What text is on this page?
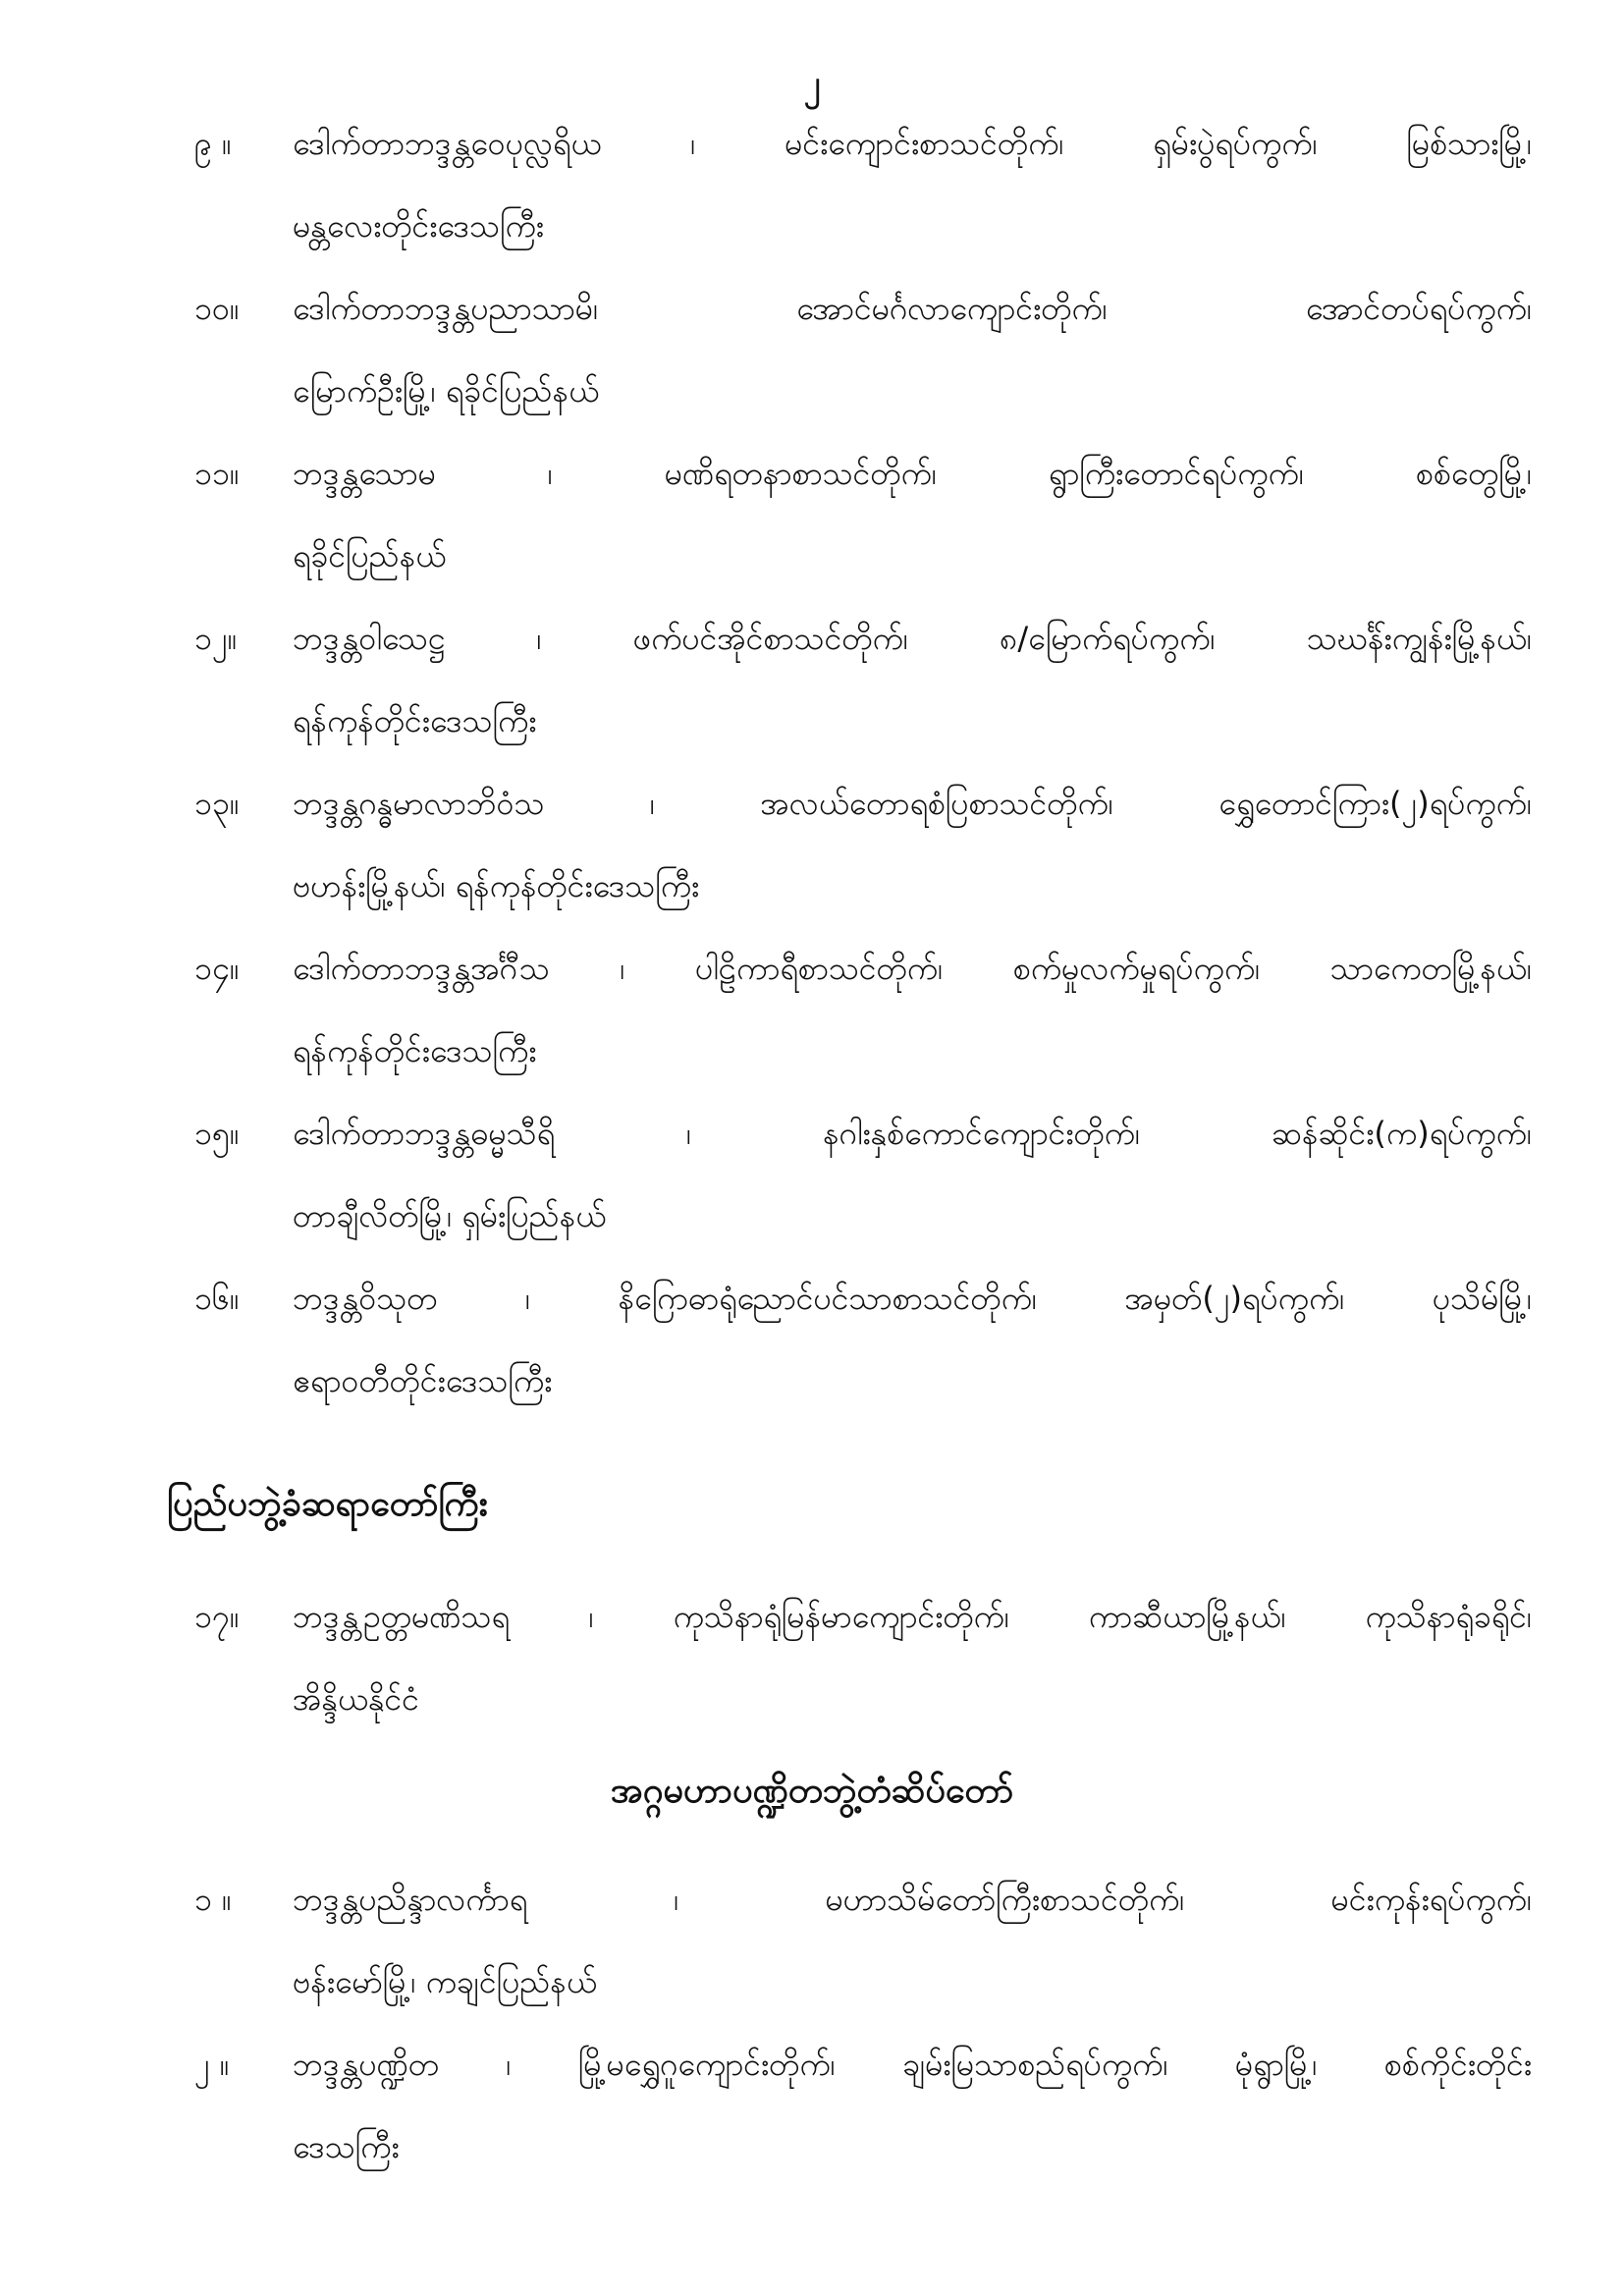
၂
၉ ။	ဒေါက်တာဘဒ္ဒန္တဝေပုလ္လရိယ ၊ မင်းကျောင်းစာသင်တိုက်၊ ရှမ်းပွဲရပ်ကွက်၊ မြစ်သားမြို့၊
မန္တလေးတိုင်းဒေသကြီး
၁၀။	ဒေါက်တာဘဒ္ဒန္တပညာသာမိ၊ အောင်မင်္ဂလာကျောင်းတိုက်၊ အောင်တပ်ရပ်ကွက်၊
မြောက်ဦးမြို့၊ ရခိုင်ပြည်နယ်
၁၁။	ဘဒ္ဒန္တသောမ ၊ မဏိရတနာစာသင်တိုက်၊ ရွာကြီးတောင်ရပ်ကွက်၊ စစ်တွေမြို့၊
ရခိုင်ပြည်နယ်
၁၂။	ဘဒ္ဒန္တဝါသေဋ္ဌ ၊ ဖက်ပင်အိုင်စာသင်တိုက်၊ ၈/မြောက်ရပ်ကွက်၊ သဃင်္န်းကျွန်းမြို့နယ်၊
ရန်ကုန်တိုင်းဒေသကြီး
၁၃။	ဘဒ္ဒန္တဂန္ဓမာလာဘိဝံသ ၊ အလယ်တောရစံပြစာသင်တိုက်၊ ရွှေတောင်ကြား(၂)ရပ်ကွက်၊
ဗဟန်းမြို့နယ်၊ ရန်ကုန်တိုင်းဒေသကြီး
၁၄။	ဒေါက်တာဘဒ္ဒန္တအင်္ဂီသ ၊ ပါဠိကာရီစာသင်တိုက်၊ စက်မှုလက်မှုရပ်ကွက်၊ သာကေတမြို့နယ်၊
ရန်ကုန်တိုင်းဒေသကြီး
၁၅။	ဒေါက်တာဘဒ္ဒန္တဓမ္မသီရိ ၊ နဂါးနှစ်ကောင်ကျောင်းတိုက်၊ ဆန်ဆိုင်း(က)ရပ်ကွက်၊
တာချီလိတ်မြို့၊ ရှမ်းပြည်နယ်
၁၆။	ဘဒ္ဒန္တဝိသုတ ၊ နိဂြောဓာရုံညောင်ပင်သာစာသင်တိုက်၊ အမှတ်(၂)ရပ်ကွက်၊ ပုသိမ်မြို့၊
ဧရာဝတီတိုင်းဒေသကြီး
ပြည်ပဘွဲ့ခံဆရာတော်ကြီး
၁၇။	ဘဒ္ဒန္တဥတ္တမဏိသရ ၊ ကုသိနာရုံမြန်မာကျောင်းတိုက်၊ ကာဆီယာမြို့နယ်၊ ကုသိနာရုံခရိုင်၊
အိန္ဒိယနိုင်ငံ
အဂ္ဂမဟာပဏ္ဍိတဘွဲ့တံဆိပ်တော်
၁ ။	ဘဒ္ဒန္တပညိန္ဒာလင်္ကာရ ၊ မဟာသိမ်တော်ကြီးစာသင်တိုက်၊ မင်းကုန်းရပ်ကွက်၊
ဗန်းမော်မြို့၊ ကချင်ပြည်နယ်
၂ ။	ဘဒ္ဒန္တပဏ္ဍိတ ၊ မြို့မရွှေဂူကျောင်းတိုက်၊ ချမ်းမြသာစည်ရပ်ကွက်၊ မုံရွာမြို့၊ စစ်ကိုင်းတိုင်း
ဒေသကြီး
